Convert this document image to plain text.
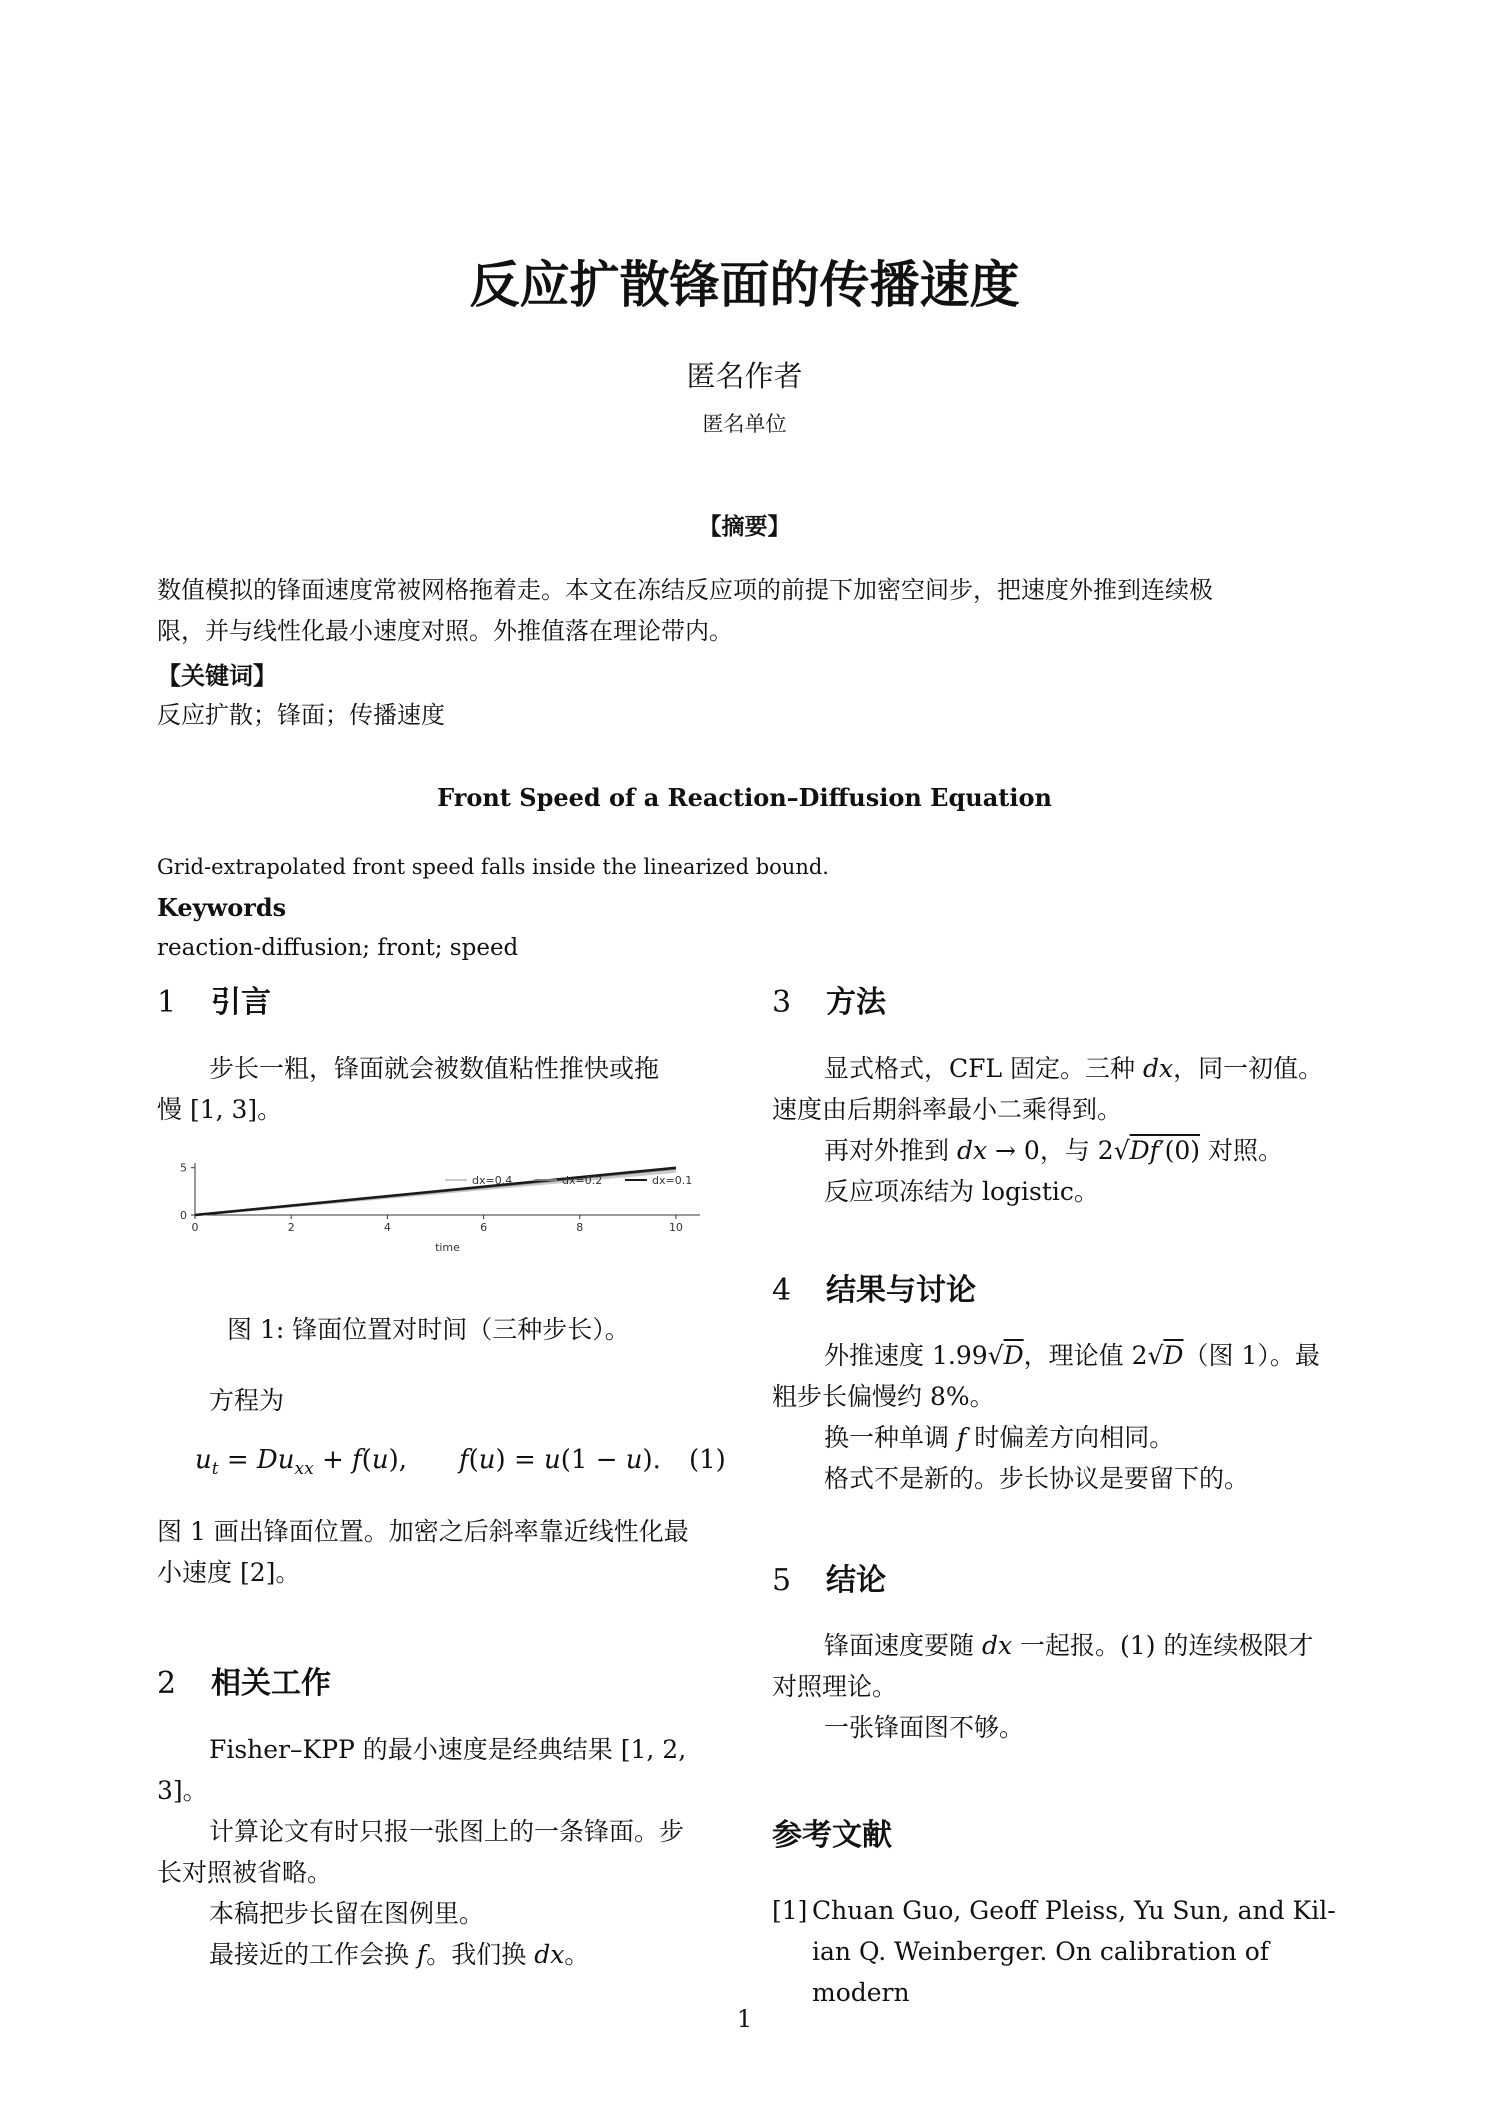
反应扩散锋面的传播速度
匿名作者
匿名单位
【摘要】
数值模拟的锋面速度常被网格拖着走。本文在冻结反应项的前提下加密空间步，把速度外推到连续极
限，并与线性化最小速度对照。外推值落在理论带内。
【关键词】
反应扩散；锋面；传播速度
Front Speed of a Reaction–Diffusion Equation
Grid-extrapolated front speed falls inside the linearized bound.
Keywords
reaction-diffusion; front; speed
1 引言

步长一粗，锋面就会被数值粘性推快或拖

慢 [1, 3]。

0	2	4	6	8	10
0
5
time
dx=0.4	dx=0.2	dx=0.1
图 1: 锋面位置对时间（三种步长）。

方程为

$u_t = Du_{xx} + f(u)$, f(u) = u(1 − u). (1)

图 1 画出锋面位置。加密之后斜率靠近线性化最

小速度 [2]。

2 相关工作

Fisher–KPP 的最小速度是经典结果 [1, 2, 3]。

计算论文有时只报一张图上的一条锋面。步

长对照被省略。

本稿把步长留在图例里。

最接近的工作会换 f。我们换 dx。

3 方法

显式格式，CFL 固定。三种 dx，同一初值。

速度由后期斜率最小二乘得到。

再对外推到 dx → 0，与 2√Df′(0) 对照。

反应项冻结为 logistic。

4 结果与讨论

外推速度 1.99√D，理论值 2√D（图 1）。最

粗步长偏慢约 8%。

换一种单调 f 时偏差方向相同。

格式不是新的。步长协议是要留下的。

5 结论

锋面速度要随 dx 一起报。(1) 的连续极限才

对照理论。

一张锋面图不够。

参考文献
[1] Chuan Guo, Geoff Pleiss, Yu Sun, and Kil-
ian Q. Weinberger. On calibration of modern
1
